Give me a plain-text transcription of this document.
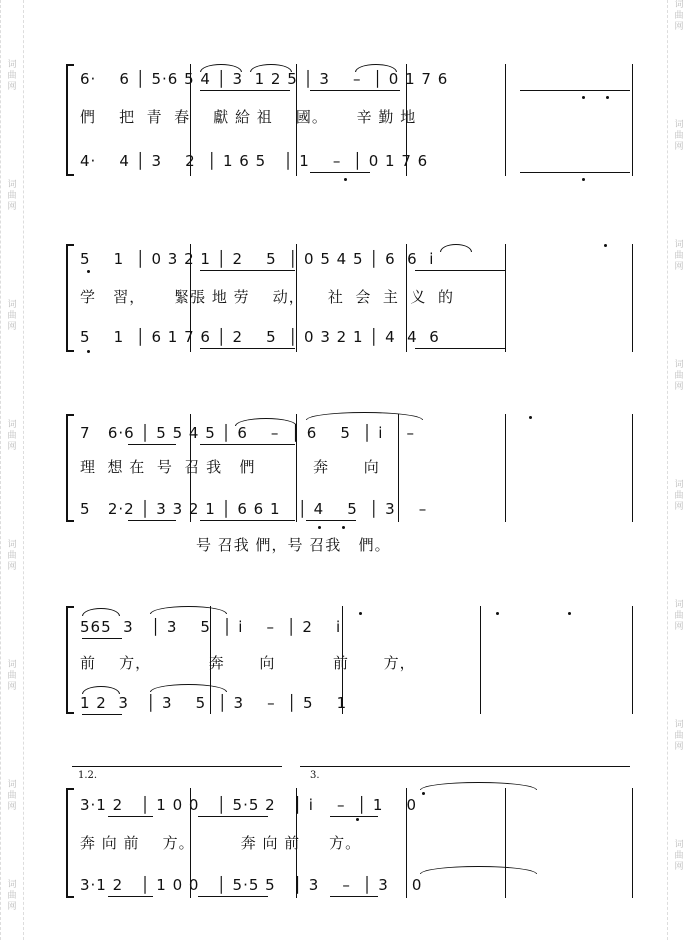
词
曲
网
词
曲
网
词
曲
网
词
曲
网
词
曲
网
词
曲
网
词
曲
网
词
曲
网
词
曲
网
词
曲
网
词
曲
网
词
曲
网
词
曲
网
词
曲
网
词
曲
网
词
曲
网
6·    6 │ 5·6 5 4 │ 3  1 2 5 │ 3    –  │ 0 1 7 6
們    把  青  春    獻 給 祖    國。     辛 勤 地
4·    4 │ 3    2  │ 1 6 5   │ 1    –  │ 0 1 7 6
5    1  │ 0 3 2 1 │ 2    5  │ 0 5 4 5 │ 6  6  i
学   習，     緊張 地 劳    动，    社  会  主  义  的
5    1  │ 6 1 7 6 │ 2    5  │ 0 3 2 1 │ 4  4  6
7   6·6 │ 5 5 4 5 │ 6    –  │ 6    5  │ i    –
理  想 在  号  召 我   們          奔      向
5   2·2 │ 3 3 2 1 │ 6 6 1   │ 4    5  │ 3    –
号 召我 們，号 召我   們。
565  3   │ 3    5  │ i    –  │ 2    i
前    方，          奔      向          前      方，
1 2  3   │ 3    5  │ 3    –  │ 5    1
1.2.	3.
3·1 2   │ 1 0 0   │ 5·5 2   │ i    –  │ 1    0
奔 向 前    方。        奔 向 前     方。
3·1 2   │ 1 0 0   │ 5·5 5   │ 3    –  │ 3    0
